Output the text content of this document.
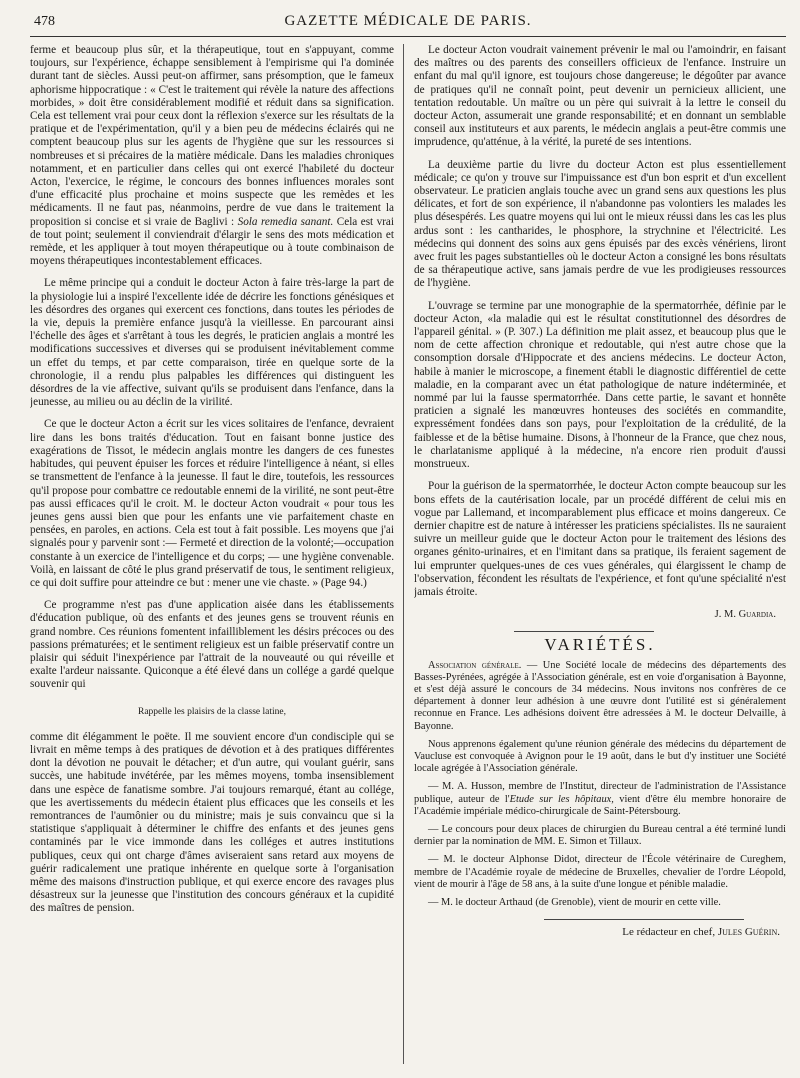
478	GAZETTE MÉDICALE DE PARIS.

ferme et beaucoup plus sûr, et la thérapeutique, tout en s'appuyant, comme toujours, sur l'expérience, échappe sensiblement à l'empirisme qui l'a dominée durant tant de siècles. Aussi peut-on affirmer, sans présomption, que le fameux aphorisme hippocratique : « C'est le traitement qui révèle la nature des affections morbides, » doit être considérablement modifié et réduit dans sa signification. Cela est tellement vrai pour ceux dont la réflexion s'exerce sur les résultats de la pratique et de l'expérimentation, qu'il y a bien peu de médecins éclairés qui ne comptent beaucoup plus sur les agents de l'hygiène que sur les ressources si nombreuses et si précaires de la matière médicale. Dans les maladies chroniques notamment, et en particulier dans celles qui ont exercé l'habileté du docteur Acton, l'exercice, le régime, le concours des bonnes influences morales sont d'une efficacité plus prochaine et moins suspecte que les remèdes et les médicaments. Il ne faut pas, néanmoins, perdre de vue dans le traitement la proposition si concise et si vraie de Baglivi : Sola remedia sanant. Cela est vrai de tout point; seulement il conviendrait d'élargir le sens des mots médication et remède, et les appliquer à tout moyen thérapeutique ou à toute combinaison de moyens thérapeutiques incontestablement efficaces.

Le même principe qui a conduit le docteur Acton à faire très-large la part de la physiologie lui a inspiré l'excellente idée de décrire les fonctions génésiques et les désordres des organes qui exercent ces fonctions, dans toutes les périodes de la vie, depuis la première enfance jusqu'à la vieillesse. En parcourant ainsi l'échelle des âges et s'arrêtant à tous les degrés, le praticien anglais a montré les modifications successives et diverses qui se produisent inévitablement comme un effet du temps, et par cette comparaison, tirée en quelque sorte de la chronologie, il a rendu plus palpables les différences qui distinguent les désordres de la vie affective, suivant qu'ils se produisent dans l'enfance, dans la jeunesse, au milieu ou au déclin de la virilité.

Ce que le docteur Acton a écrit sur les vices solitaires de l'enfance, devraient lire dans les bons traités d'éducation. Tout en faisant bonne justice des exagérations de Tissot, le médecin anglais montre les dangers de ces funestes habitudes, qui peuvent épuiser les forces et réduire l'intelligence à néant, si elles se transmettent de l'enfance à la jeunesse. Il faut le dire, toutefois, les ressources qu'il propose pour combattre ce redoutable ennemi de la virilité, ne sont peut-être pas aussi efficaces qu'il le croit. M. le docteur Acton voudrait « pour tous les jeunes gens aussi bien que pour les enfants une vie parfaitement chaste en pensées, en paroles, en actions. Cela est tout à fait possible. Les moyens que j'ai signalés pour y parvenir sont :— Fermeté et direction de la volonté;—occupation constante à un exercice de l'intelligence et du corps; — une hygiène convenable. Voilà, en laissant de côté le plus grand préservatif de tous, le sentiment religieux, ce qui doit suffire pour atteindre ce but : mener une vie chaste. » (Page 94.)

Ce programme n'est pas d'une application aisée dans les établissements d'éducation publique, où des enfants et des jeunes gens se trouvent réunis en grand nombre. Ces réunions fomentent infailliblement les désirs précoces ou des passions prématurées; et le sentiment religieux est un faible préservatif contre un plaisir qui séduit l'inexpérience par l'attrait de la nouveauté ou qui réveille et exalte l'ardeur naissante. Quiconque a été élevé dans un collége a gardé quelque souvenir qui

Rappelle les plaisirs de la classe latine,

comme dit élégamment le poëte. Il me souvient encore d'un condisciple qui se livrait en même temps à des pratiques de dévotion et à des pratiques différentes dont la dévotion ne pouvait le détacher; et d'un autre, qui voulant guérir, sans succès, une habitude invétérée, par les mêmes moyens, tomba insensiblement dans une espèce de fanatisme sombre. J'ai toujours remarqué, étant au collége, que les avertissements du médecin étaient plus efficaces que les conseils et les remontrances de l'aumônier ou du ministre; mais je suis convaincu que si la statistique s'appliquait à déterminer le chiffre des enfants et des jeunes gens contaminés par le vice immonde dans les colléges et autres institutions publiques, ceux qui ont charge d'âmes aviseraient sans retard aux moyens de guérir radicalement une pratique inhérente en quelque sorte à l'organisation même des maisons d'instruction publique, et qui exerce encore des ravages plus désastreux sur la jeunesse que l'institution des concours généraux et la cupidité des maîtres de pension.

Le docteur Acton voudrait vainement prévenir le mal ou l'amoindrir, en faisant des maîtres ou des parents des conseillers officieux de l'enfance. Instruire un enfant du mal qu'il ignore, est toujours chose dangereuse; le dégoûter par avance de pratiques qu'il ne connaît point, peut devenir un pernicieux allicient, une tentation redoutable. Un maître ou un père qui suivrait à la lettre le conseil du docteur Acton, assumerait une grande responsabilité; et en donnant un semblable conseil aux instituteurs et aux parents, le médecin anglais a peut-être commis une imprudence, qu'atténue, à la vérité, la pureté de ses intentions.

La deuxième partie du livre du docteur Acton est plus essentiellement médicale; ce qu'on y trouve sur l'impuissance est d'un bon esprit et d'un excellent observateur. Le praticien anglais touche avec un grand sens aux questions les plus délicates, et fort de son expérience, il n'abandonne pas volontiers les malades les plus désespérés. Les quatre moyens qui lui ont le mieux réussi dans les cas les plus ardus sont : les cantharides, le phosphore, la strychnine et l'électricité. Les médecins qui donnent des soins aux gens épuisés par des excès vénériens, liront avec fruit les pages substantielles où le docteur Acton a consigné les bons résultats de sa thérapeutique active, sans jamais perdre de vue les prodigieuses ressources de l'hygiène.

L'ouvrage se termine par une monographie de la spermatorrhée, définie par le docteur Acton, «la maladie qui est le résultat constitutionnel des désordres de l'appareil génital. » (P. 307.) La définition me plait assez, et beaucoup plus que le nom de cette affection chronique et redoutable, qui n'est autre chose que la consomption dorsale d'Hippocrate et des anciens médecins. Le docteur Acton, habile à manier le microscope, a finement établi le diagnostic différentiel de cette maladie, en la comparant avec un état pathologique de nature indéterminée, et nommé par lui la fausse spermatorrhée. Dans cette partie, le savant et honnête praticien a signalé les manœuvres honteuses des sociétés en commandite, expressément fondées dans son pays, pour l'exploitation de la crédulité, de la faiblesse et de la bêtise humaine. Disons, à l'honneur de la France, que chez nous, le charlatanisme appliqué à la médecine, n'a encore rien produit d'aussi monstrueux.

Pour la guérison de la spermatorrhée, le docteur Acton compte beaucoup sur les bons effets de la cautérisation locale, par un procédé différent de celui mis en vogue par Lallemand, et incomparablement plus efficace et moins dangereux. Ce dernier chapitre est de nature à intéresser les praticiens spécialistes. Ils ne sauraient suivre un meilleur guide que le docteur Acton pour le traitement des lésions des organes génito-urinaires, et en l'imitant dans sa pratique, ils feraient sagement de lui emprunter quelques-unes de ces vues générales, qui élargissent le champ de l'observation, fécondent les résultats de l'expérience, et font qu'une spécialité n'est jamais étroite.

J. M. Guardia.
VARIÉTÉS.

Association générale. — Une Société locale de médecins des départements des Basses-Pyrénées, agrégée à l'Association générale, est en voie d'organisation à Bayonne, et s'est déjà assuré le concours de 34 médecins. Nous invitons nos confrères de ce département à donner leur adhésion à une œuvre dont l'utilité est si généralement reconnue en France. Les adhésions doivent être adressées à M. le docteur Delvaille, à Bayonne.

Nous apprenons également qu'une réunion générale des médecins du département de Vaucluse est convoquée à Avignon pour le 19 août, dans le but d'y instituer une Société locale agrégée à l'Association générale.

— M. A. Husson, membre de l'Institut, directeur de l'administration de l'Assistance publique, auteur de l'Etude sur les hôpitaux, vient d'être élu membre honoraire de l'Académie impériale médico-chirurgicale de Saint-Pétersbourg.

— Le concours pour deux places de chirurgien du Bureau central a été terminé lundi dernier par la nomination de MM. E. Simon et Tillaux.

— M. le docteur Alphonse Didot, directeur de l'École vétérinaire de Cureghem, membre de l'Académie royale de médecine de Bruxelles, chevalier de l'ordre Léopold, vient de mourir à l'âge de 58 ans, à la suite d'une longue et pénible maladie.

— M. le docteur Arthaud (de Grenoble), vient de mourir en cette ville.

Le rédacteur en chef, Jules Guérin.
